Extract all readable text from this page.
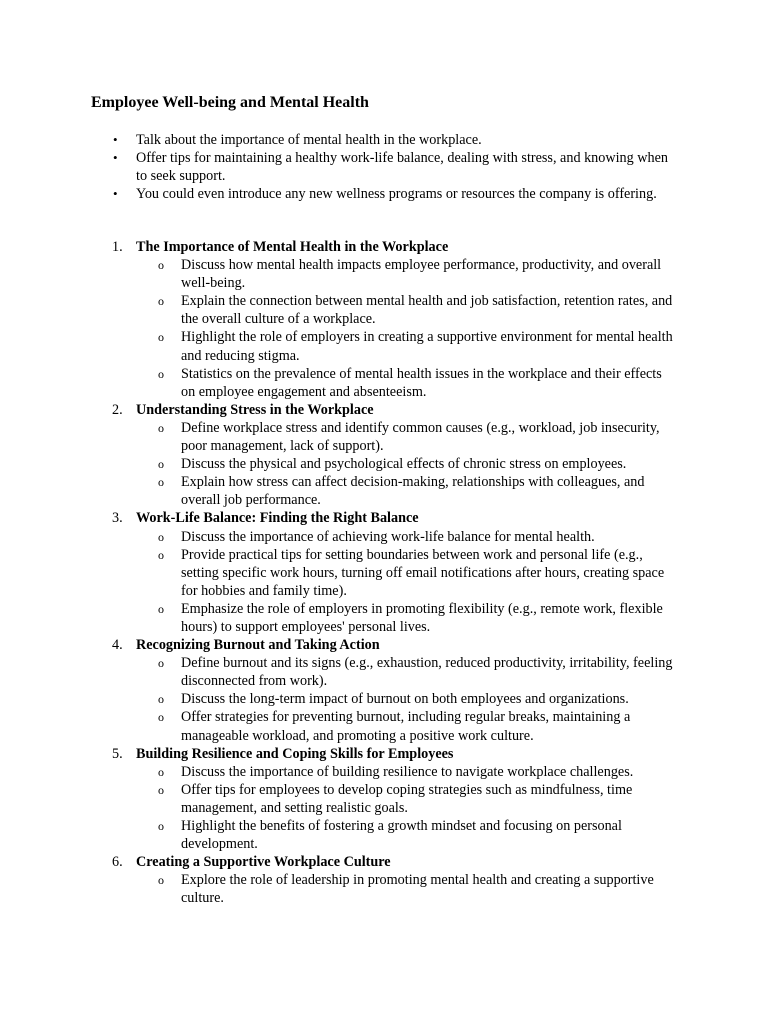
Employee Well-being and Mental Health
• Talk about the importance of mental health in the workplace.
• Offer tips for maintaining a healthy work-life balance, dealing with stress, and knowing when to seek support.
• You could even introduce any new wellness programs or resources the company is offering.
1. The Importance of Mental Health in the Workplace
o Discuss how mental health impacts employee performance, productivity, and overall well-being.
o Explain the connection between mental health and job satisfaction, retention rates, and the overall culture of a workplace.
o Highlight the role of employers in creating a supportive environment for mental health and reducing stigma.
o Statistics on the prevalence of mental health issues in the workplace and their effects on employee engagement and absenteeism.
2. Understanding Stress in the Workplace
o Define workplace stress and identify common causes (e.g., workload, job insecurity, poor management, lack of support).
o Discuss the physical and psychological effects of chronic stress on employees.
o Explain how stress can affect decision-making, relationships with colleagues, and overall job performance.
3. Work-Life Balance: Finding the Right Balance
o Discuss the importance of achieving work-life balance for mental health.
o Provide practical tips for setting boundaries between work and personal life (e.g., setting specific work hours, turning off email notifications after hours, creating space for hobbies and family time).
o Emphasize the role of employers in promoting flexibility (e.g., remote work, flexible hours) to support employees' personal lives.
4. Recognizing Burnout and Taking Action
o Define burnout and its signs (e.g., exhaustion, reduced productivity, irritability, feeling disconnected from work).
o Discuss the long-term impact of burnout on both employees and organizations.
o Offer strategies for preventing burnout, including regular breaks, maintaining a manageable workload, and promoting a positive work culture.
5. Building Resilience and Coping Skills for Employees
o Discuss the importance of building resilience to navigate workplace challenges.
o Offer tips for employees to develop coping strategies such as mindfulness, time management, and setting realistic goals.
o Highlight the benefits of fostering a growth mindset and focusing on personal development.
6. Creating a Supportive Workplace Culture
o Explore the role of leadership in promoting mental health and creating a supportive culture.
